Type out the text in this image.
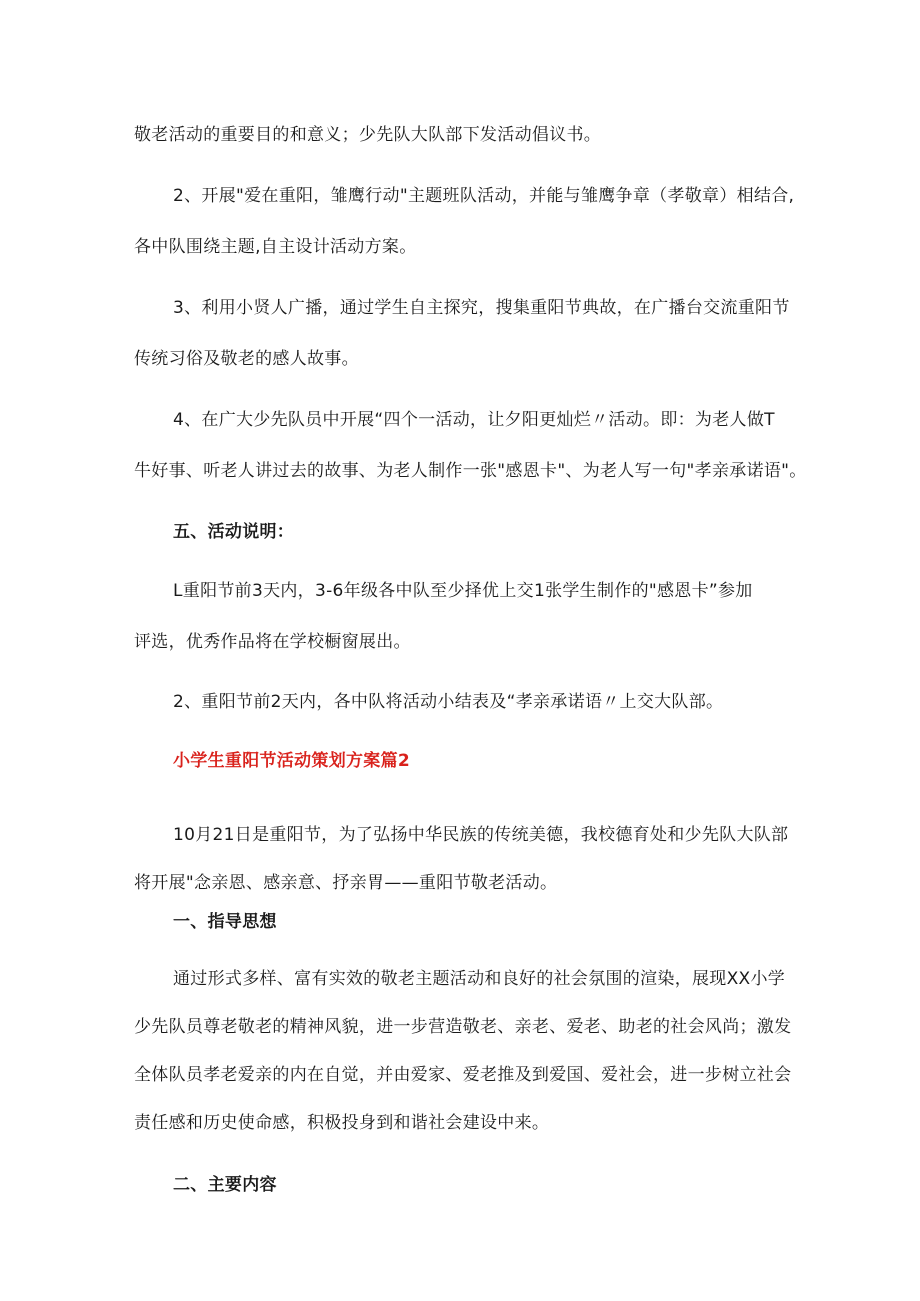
敬老活动的重要目的和意义；少先队大队部下发活动倡议书。
2、开展"爱在重阳，雏鹰行动"主题班队活动，并能与雏鹰争章（孝敬章）相结合,
各中队围绕主题,自主设计活动方案。
3、利用小贤人广播，通过学生自主探究，搜集重阳节典故，在广播台交流重阳节
传统习俗及敬老的感人故事。
4、在广大少先队员中开展“四个一活动，让夕阳更灿烂〃活动。即：为老人做T
牛好事、听老人讲过去的故事、为老人制作一张"感恩卡"、为老人写一句"孝亲承诺语"。
五、活动说明：
L重阳节前3天内，3-6年级各中队至少择优上交1张学生制作的"感恩卡”参加
评选，优秀作品将在学校橱窗展出。
2、重阳节前2天内，各中队将活动小结表及“孝亲承诺语〃上交大队部。
小学生重阳节活动策划方案篇2
10月21日是重阳节，为了弘扬中华民族的传统美德，我校德育处和少先队大队部
将开展"念亲恩、感亲意、抒亲胃——重阳节敬老活动。
一、指导思想
通过形式多样、富有实效的敬老主题活动和良好的社会氛围的渲染，展现XX小学
少先队员尊老敬老的精神风貌，进一步营造敬老、亲老、爱老、助老的社会风尚；激发
全体队员孝老爱亲的内在自觉，并由爱家、爱老推及到爱国、爱社会，进一步树立社会
责任感和历史使命感，积极投身到和谐社会建设中来。
二、主要内容
